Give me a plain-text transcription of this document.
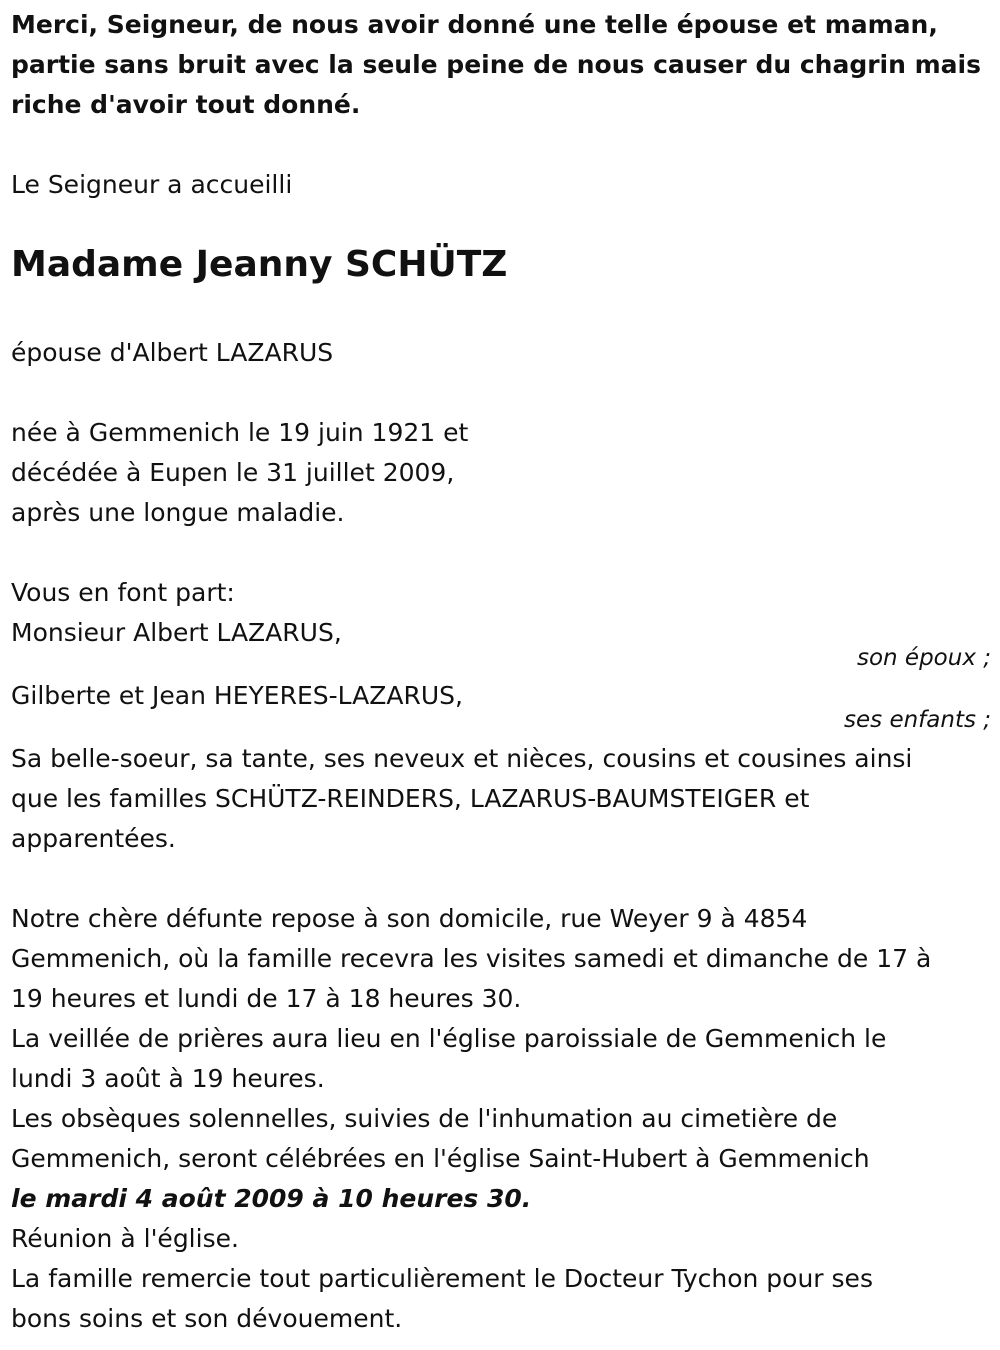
Merci, Seigneur, de nous avoir donné une telle épouse et maman,
partie sans bruit avec la seule peine de nous causer du chagrin mais
riche d'avoir tout donné.
Le Seigneur a accueilli
Madame Jeanny SCHÜTZ
épouse d'Albert LAZARUS
née à Gemmenich le 19 juin 1921 et
décédée à Eupen le 31 juillet 2009,
après une longue maladie.
Vous en font part:
Monsieur Albert LAZARUS,
son époux ;
Gilberte et Jean HEYERES-LAZARUS,
ses enfants ;
Sa belle-soeur, sa tante, ses neveux et nièces, cousins et cousines ainsi
que les familles SCHÜTZ-REINDERS, LAZARUS-BAUMSTEIGER et
apparentées.
Notre chère défunte repose à son domicile, rue Weyer 9 à 4854
Gemmenich, où la famille recevra les visites samedi et dimanche de 17 à
19 heures et lundi de 17 à 18 heures 30.
La veillée de prières aura lieu en l'église paroissiale de Gemmenich le
lundi 3 août à 19 heures.
Les obsèques solennelles, suivies de l'inhumation au cimetière de
Gemmenich, seront célébrées en l'église Saint-Hubert à Gemmenich
le mardi 4 août 2009 à 10 heures 30.
Réunion à l'église.
La famille remercie tout particulièrement le Docteur Tychon pour ses
bons soins et son dévouement.
